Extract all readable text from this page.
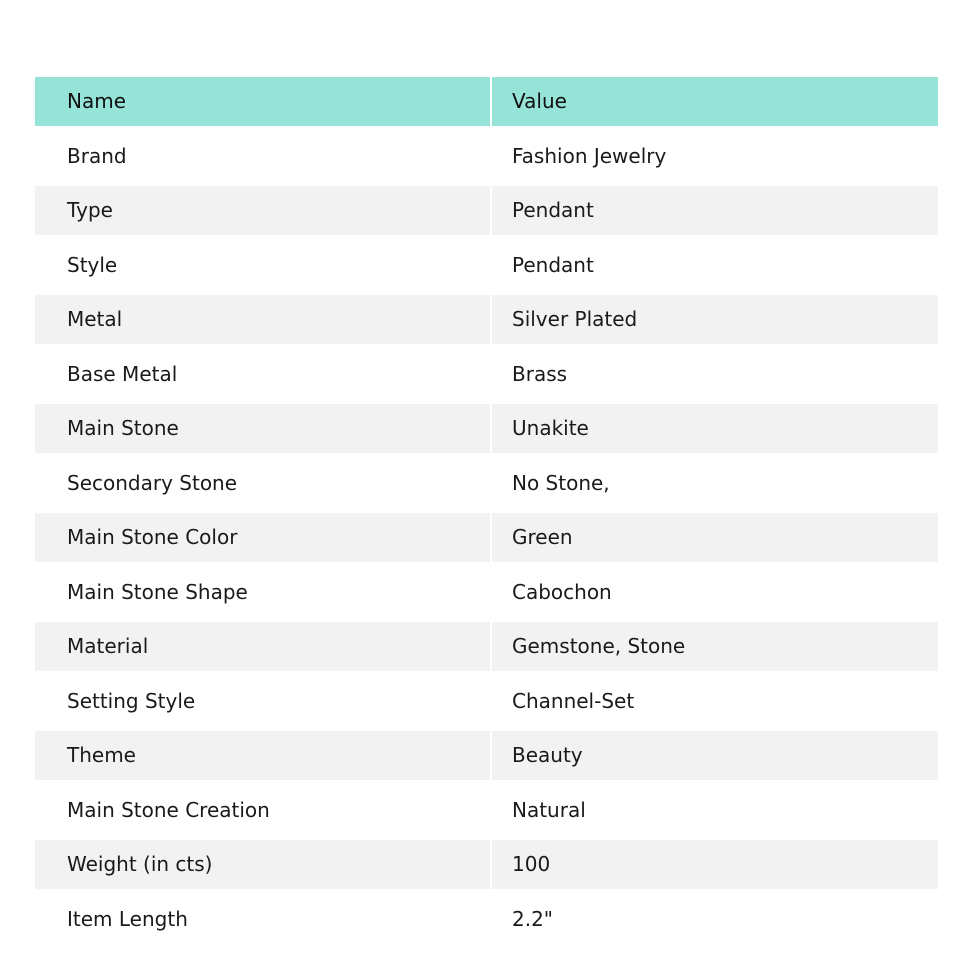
Name	Value
Brand	Fashion Jewelry
Type	Pendant
Style	Pendant
Metal	Silver Plated
Base Metal	Brass
Main Stone	Unakite
Secondary Stone	No Stone,
Main Stone Color	Green
Main Stone Shape	Cabochon
Material	Gemstone, Stone
Setting Style	Channel-Set
Theme	Beauty
Main Stone Creation	Natural
Weight (in cts)	100
Item Length	2.2"
